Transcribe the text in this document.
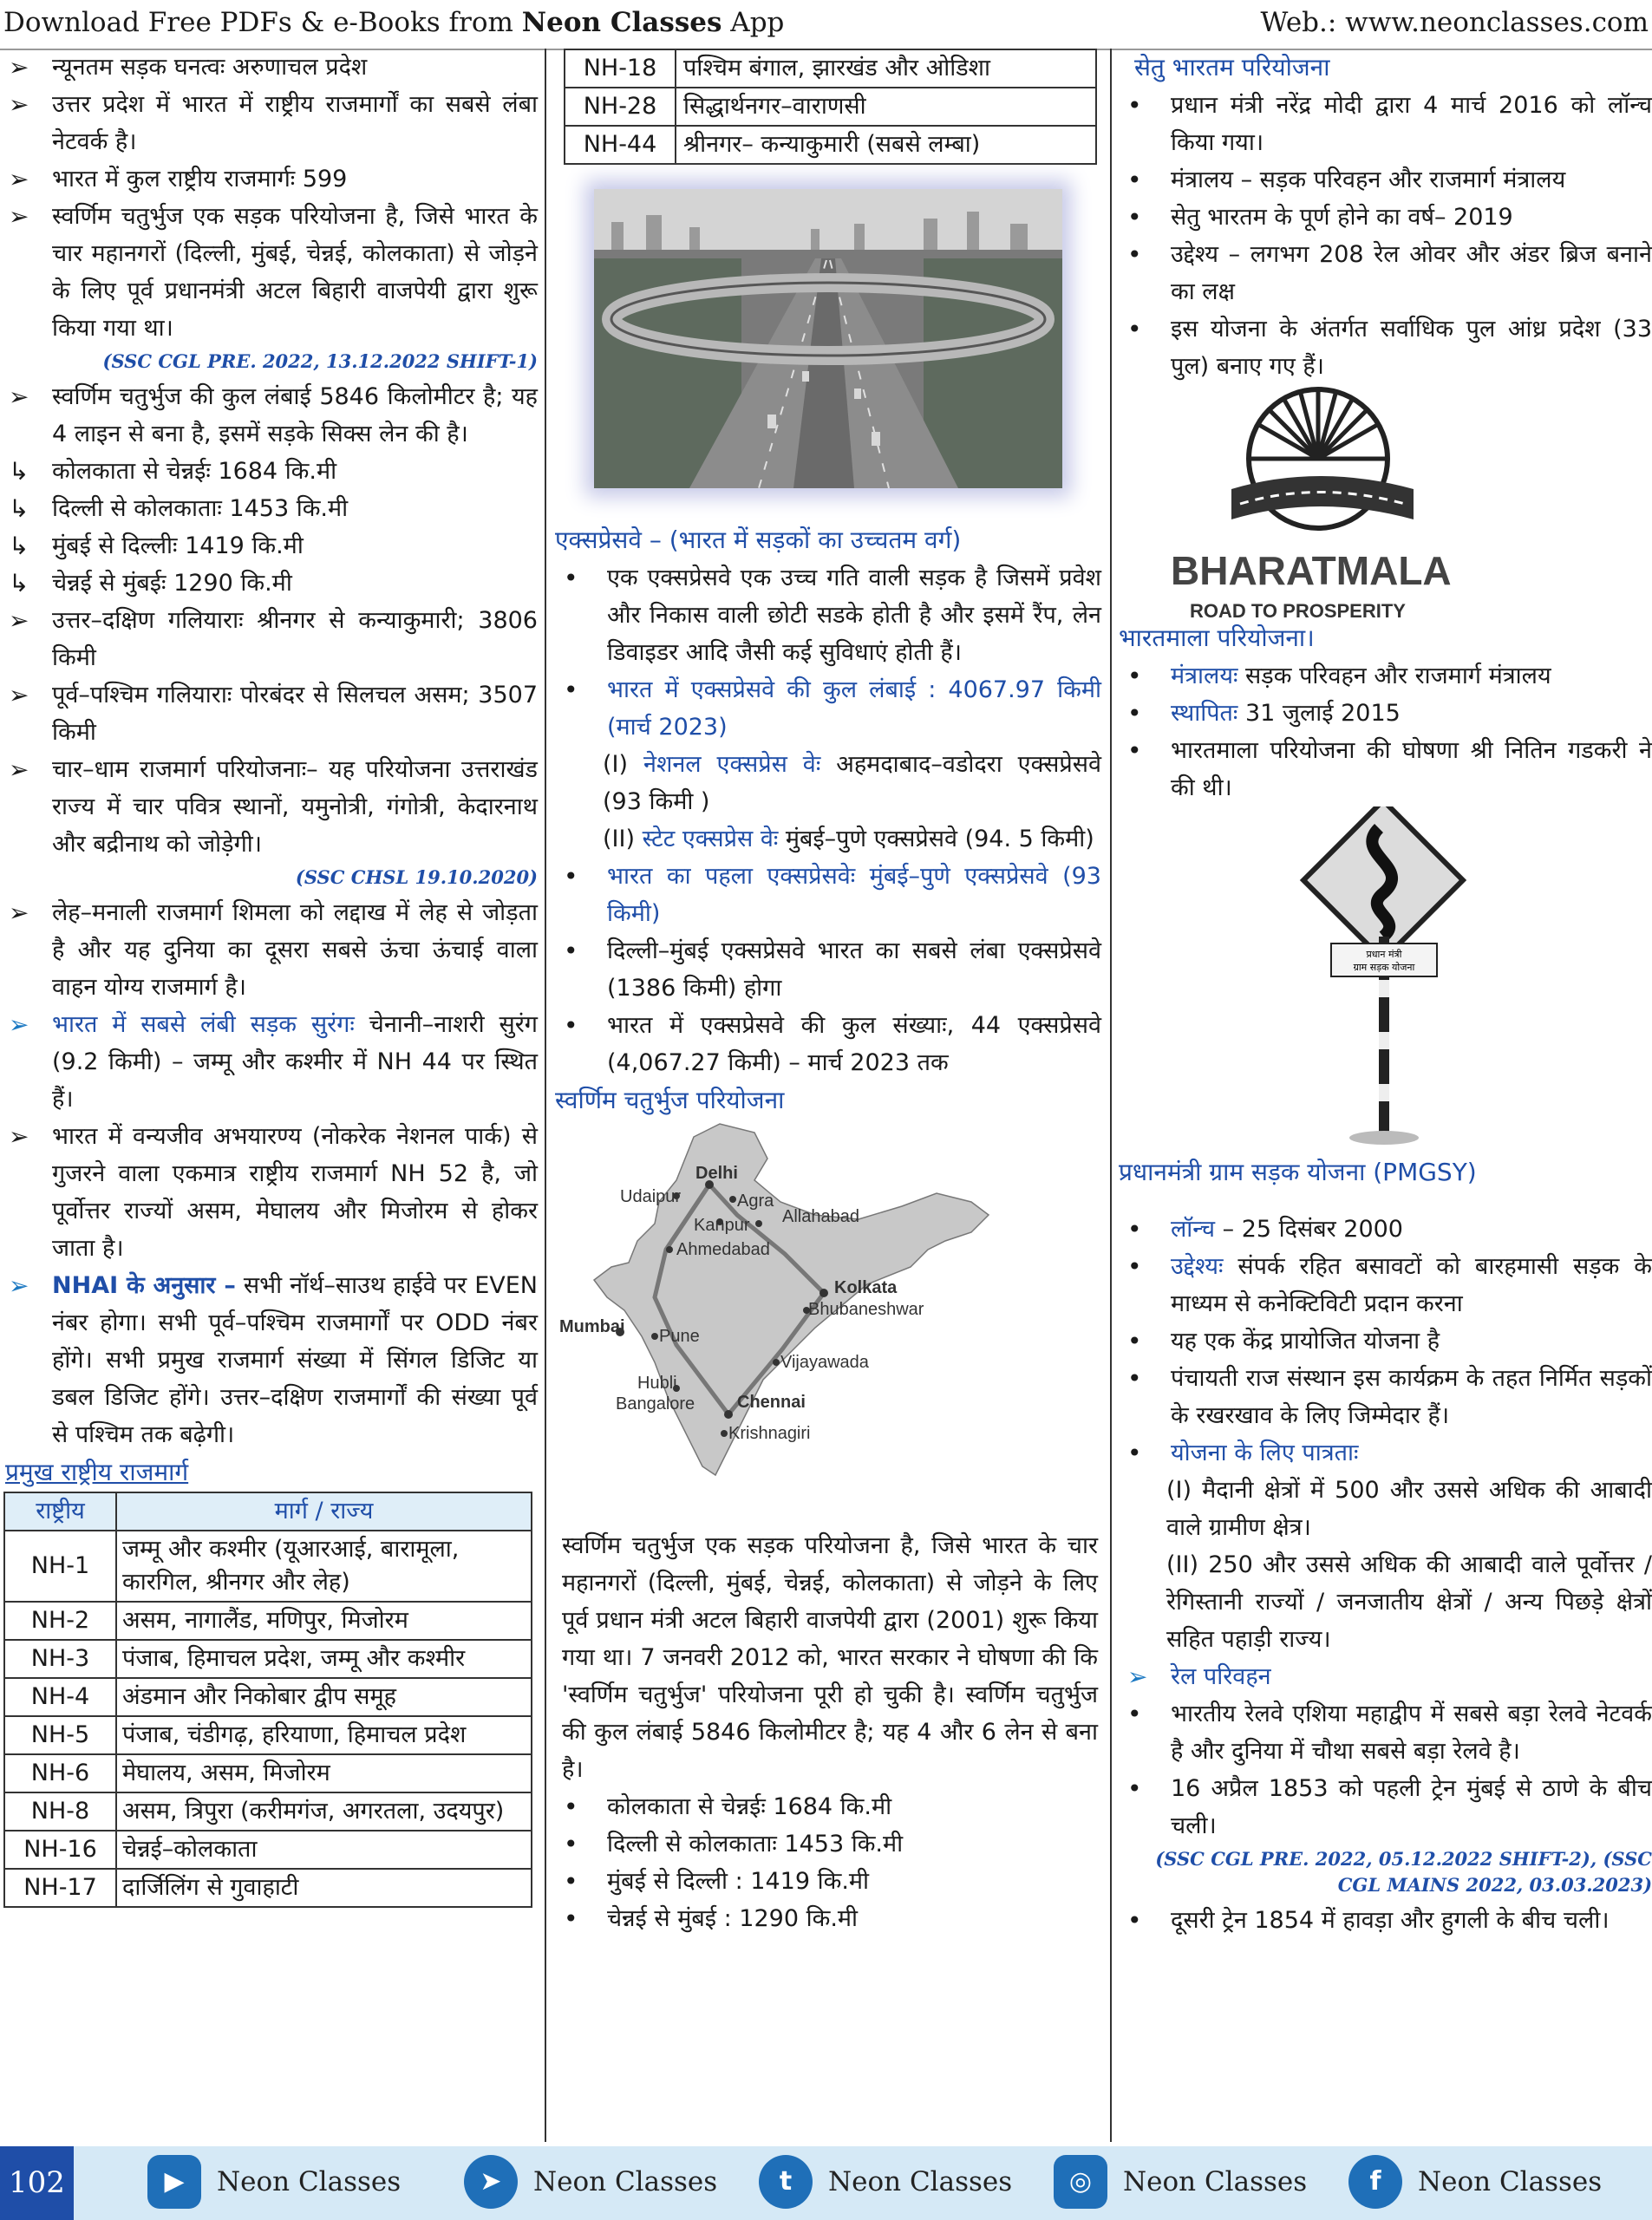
Download Free PDFs & e-Books from Neon Classes App	Web.: www.neonclasses.com
➢ न्यूनतम सड़क घनत्वः अरुणाचल प्रदेश
➢ उत्तर प्रदेश में भारत में राष्ट्रीय राजमार्गों का सबसे लंबा नेटवर्क है।
➢ भारत में कुल राष्ट्रीय राजमार्गः 599
➢ स्वर्णिम चतुर्भुज एक सड़क परियोजना है, जिसे भारत के चार महानगरों (दिल्ली, मुंबई, चेन्नई, कोलकाता) से जोड़ने के लिए पूर्व प्रधानमंत्री अटल बिहारी वाजपेयी द्वारा शुरू किया गया था।
(SSC CGL PRE. 2022, 13.12.2022 SHIFT-1)
➢ स्वर्णिम चतुर्भुज की कुल लंबाई 5846 किलोमीटर है; यह 4 लाइन से बना है, इसमें सड़के सिक्स लेन की है।
↳ कोलकाता से चेन्नईः 1684 कि.मी
↳ दिल्ली से कोलकाताः 1453 कि.मी
↳ मुंबई से दिल्लीः 1419 कि.मी
↳ चेन्नई से मुंबईः 1290 कि.मी
➢ उत्तर–दक्षिण गलियाराः श्रीनगर से कन्याकुमारी; 3806 किमी
➢ पूर्व–पश्चिम गलियाराः पोरबंदर से सिलचल असम; 3507 किमी
➢ चार–धाम राजमार्ग परियोजनाः– यह परियोजना उत्तराखंड राज्य में चार पवित्र स्थानों, यमुनोत्री, गंगोत्री, केदारनाथ और बद्रीनाथ को जोड़ेगी।
(SSC CHSL 19.10.2020)
➢ लेह–मनाली राजमार्ग शिमला को लद्दाख में लेह से जोड़ता है और यह दुनिया का दूसरा सबसे ऊंचा ऊंचाई वाला वाहन योग्य राजमार्ग है।
➢ भारत में सबसे लंबी सड़क सुरंगः चेनानी–नाशरी सुरंग (9.2 किमी) – जम्मू और कश्मीर में NH 44 पर स्थित हैं।
➢ भारत में वन्यजीव अभयारण्य (नोकरेक नेशनल पार्क) से गुजरने वाला एकमात्र राष्ट्रीय राजमार्ग NH 52 है, जो पूर्वोत्तर राज्यों असम, मेघालय और मिजोरम से होकर जाता है।
➢ NHAI के अनुसार – सभी नॉर्थ–साउथ हाईवे पर EVEN नंबर होगा। सभी पूर्व–पश्चिम राजमार्गों पर ODD नंबर होंगे। सभी प्रमुख राजमार्ग संख्या में सिंगल डिजिट या डबल डिजिट होंगे। उत्तर–दक्षिण राजमार्गों की संख्या पूर्व से पश्चिम तक बढ़ेगी।
प्रमुख राष्ट्रीय राजमार्ग
राष्ट्रीय	मार्ग / राज्य
NH-1	जम्मू और कश्मीर (यूआरआई, बारामूला, कारगिल, श्रीनगर और लेह)
NH-2	असम, नागालैंड, मणिपुर, मिजोरम
NH-3	पंजाब, हिमाचल प्रदेश, जम्मू और कश्मीर
NH-4	अंडमान और निकोबार द्वीप समूह
NH-5	पंजाब, चंडीगढ़, हरियाणा, हिमाचल प्रदेश
NH-6	मेघालय, असम, मिजोरम
NH-8	असम, त्रिपुरा (करीमगंज, अगरतला, उदयपुर)
NH-16	चेन्नई–कोलकाता
NH-17	दार्जिलिंग से गुवाहाटी
NH-18	पश्चिम बंगाल, झारखंड और ओडिशा
NH-28	सिद्धार्थनगर–वाराणसी
NH-44	श्रीनगर– कन्याकुमारी (सबसे लम्बा)
एक्सप्रेसवे – (भारत में सड़कों का उच्चतम वर्ग)
• एक एक्सप्रेसवे एक उच्च गति वाली सड़क है जिसमें प्रवेश और निकास वाली छोटी सडके होती है और इसमें रैंप, लेन डिवाइडर आदि जैसी कई सुविधाएं होती हैं।
• भारत में एक्सप्रेसवे की कुल लंबाई : 4067.97 किमी (मार्च 2023)
(I) नेशनल एक्सप्रेस वेः अहमदाबाद–वडोदरा एक्सप्रेसवे (93 किमी )
(II) स्टेट एक्सप्रेस वेः मुंबई–पुणे एक्सप्रेसवे (94. 5 किमी)
• भारत का पहला एक्सप्रेसवेः मुंबई–पुणे एक्सप्रेसवे (93 किमी)
• दिल्ली–मुंबई एक्सप्रेसवे भारत का सबसे लंबा एक्सप्रेसवे (1386 किमी) होगा
• भारत में एक्सप्रेसवे की कुल संख्याः, 44 एक्सप्रेसवे (4,067.27 किमी) – मार्च 2023 तक
स्वर्णिम चतुर्भुज परियोजना
Delhi
Udaipur	Agra
Kanpur Allahabad
Ahmedabad
Kolkata
Bhubaneshwar
Mumbai Pune
Vijayawada
Hubli
Bangalore Chennai
Krishnagiri
स्वर्णिम चतुर्भुज एक सड़क परियोजना है, जिसे भारत के चार महानगरों (दिल्ली, मुंबई, चेन्नई, कोलकाता) से जोड़ने के लिए पूर्व प्रधान मंत्री अटल बिहारी वाजपेयी द्वारा (2001) शुरू किया गया था। 7 जनवरी 2012 को, भारत सरकार ने घोषणा की कि 'स्वर्णिम चतुर्भुज' परियोजना पूरी हो चुकी है। स्वर्णिम चतुर्भुज की कुल लंबाई 5846 किलोमीटर है; यह 4 और 6 लेन से बना है।
• कोलकाता से चेन्नईः 1684 कि.मी
• दिल्ली से कोलकाताः 1453 कि.मी
• मुंबई से दिल्ली : 1419 कि.मी
• चेन्नई से मुंबई : 1290 कि.मी
सेतु भारतम परियोजना
• प्रधान मंत्री नरेंद्र मोदी द्वारा 4 मार्च 2016 को लॉन्च किया गया।
• मंत्रालय – सड़क परिवहन और राजमार्ग मंत्रालय
• सेतु भारतम के पूर्ण होने का वर्ष– 2019
• उद्देश्य – लगभग 208 रेल ओवर और अंडर ब्रिज बनाने का लक्ष
• इस योजना के अंतर्गत सर्वाधिक पुल आंध्र प्रदेश (33 पुल) बनाए गए हैं।
BHARATMALA
ROAD TO PROSPERITY
भारतमाला परियोजना।
• मंत्रालयः सड़क परिवहन और राजमार्ग मंत्रालय
• स्थापितः 31 जुलाई 2015
• भारतमाला परियोजना की घोषणा श्री नितिन गडकरी ने की थी।
प्रधान मंत्री
ग्राम सड़क योजना
प्रधानमंत्री ग्राम सड़क योजना (PMGSY)
• लॉन्च – 25 दिसंबर 2000
• उद्देश्यः संपर्क रहित बसावटों को बारहमासी सड़क के माध्यम से कनेक्टिविटी प्रदान करना
• यह एक केंद्र प्रायोजित योजना है
• पंचायती राज संस्थान इस कार्यक्रम के तहत निर्मित सड़कों के रखरखाव के लिए जिम्मेदार हैं।
• योजना के लिए पात्रताः
(I) मैदानी क्षेत्रों में 500 और उससे अधिक की आबादी वाले ग्रामीण क्षेत्र।
(II) 250 और उससे अधिक की आबादी वाले पूर्वोत्तर / रेगिस्तानी राज्यों / जनजातीय क्षेत्रों / अन्य पिछड़े क्षेत्रों सहित पहाड़ी राज्य।
➢ रेल परिवहन
• भारतीय रेलवे एशिया महाद्वीप में सबसे बड़ा रेलवे नेटवर्क है और दुनिया में चौथा सबसे बड़ा रेलवे है।
• 16 अप्रैल 1853 को पहली ट्रेन मुंबई से ठाणे के बीच चली।
(SSC CGL PRE. 2022, 05.12.2022 SHIFT-2), (SSC CGL MAINS 2022, 03.03.2023)
• दूसरी ट्रेन 1854 में हावड़ा और हुगली के बीच चली।
102	▶	Neon Classes	➤	Neon Classes	t	Neon Classes	◎	Neon Classes	f	Neon Classes
